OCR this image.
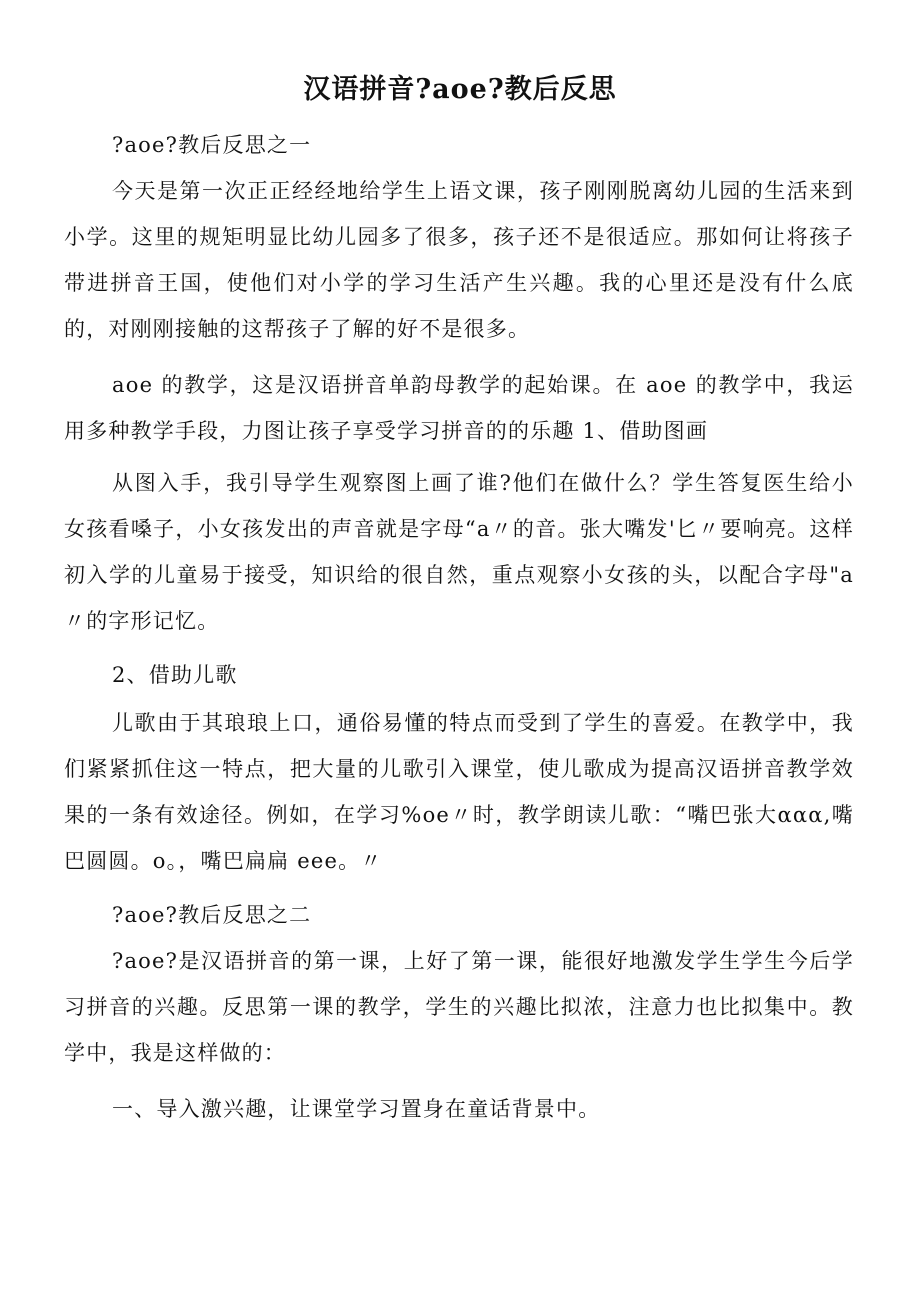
汉语拼音?aoe?教后反思

?aoe?教后反思之一

今天是第一次正正经经地给学生上语文课，孩子刚刚脱离幼儿园的生活来到小学。这里的规矩明显比幼儿园多了很多，孩子还不是很适应。那如何让将孩子带进拼音王国，使他们对小学的学习生活产生兴趣。我的心里还是没有什么底的，对刚刚接触的这帮孩子了解的好不是很多。

aoe 的教学，这是汉语拼音单韵母教学的起始课。在 aoe 的教学中，我运用多种教学手段，力图让孩子享受学习拼音的的乐趣 1、借助图画

从图入手，我引导学生观察图上画了谁?他们在做什么？学生答复医生给小女孩看嗓子，小女孩发出的声音就是字母“a〃的音。张大嘴发'匕〃要响亮。这样初入学的儿童易于接受，知识给的很自然，重点观察小女孩的头，以配合字母"a〃的字形记忆。

2、借助儿歌

儿歌由于其琅琅上口，通俗易懂的特点而受到了学生的喜爱。在教学中，我们紧紧抓住这一特点，把大量的儿歌引入课堂，使儿歌成为提高汉语拼音教学效果的一条有效途径。例如，在学习%oe〃时，教学朗读儿歌：“嘴巴张大ααα,嘴巴圆圆。o。，嘴巴扁扁 eee。〃

?aoe?教后反思之二

?aoe?是汉语拼音的第一课，上好了第一课，能很好地激发学生学生今后学习拼音的兴趣。反思第一课的教学，学生的兴趣比拟浓，注意力也比拟集中。教学中，我是这样做的：

一、导入激兴趣，让课堂学习置身在童话背景中。
